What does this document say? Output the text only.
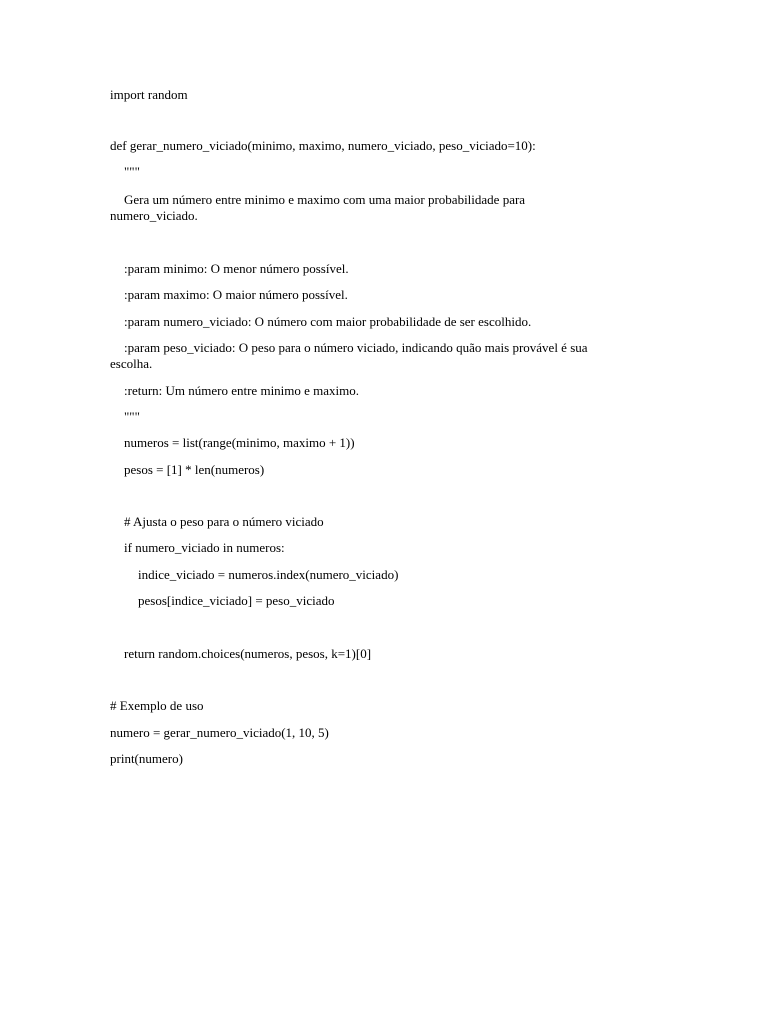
import random
def gerar_numero_viciado(minimo, maximo, numero_viciado, peso_viciado=10):
"""
Gera um número entre minimo e maximo com uma maior probabilidade para
numero_viciado.
:param minimo: O menor número possível.
:param maximo: O maior número possível.
:param numero_viciado: O número com maior probabilidade de ser escolhido.
:param peso_viciado: O peso para o número viciado, indicando quão mais provável é sua
escolha.
:return: Um número entre minimo e maximo.
"""
numeros = list(range(minimo, maximo + 1))
pesos = [1] * len(numeros)
# Ajusta o peso para o número viciado
if numero_viciado in numeros:
indice_viciado = numeros.index(numero_viciado)
pesos[indice_viciado] = peso_viciado
return random.choices(numeros, pesos, k=1)[0]
# Exemplo de uso
numero = gerar_numero_viciado(1, 10, 5)
print(numero)
